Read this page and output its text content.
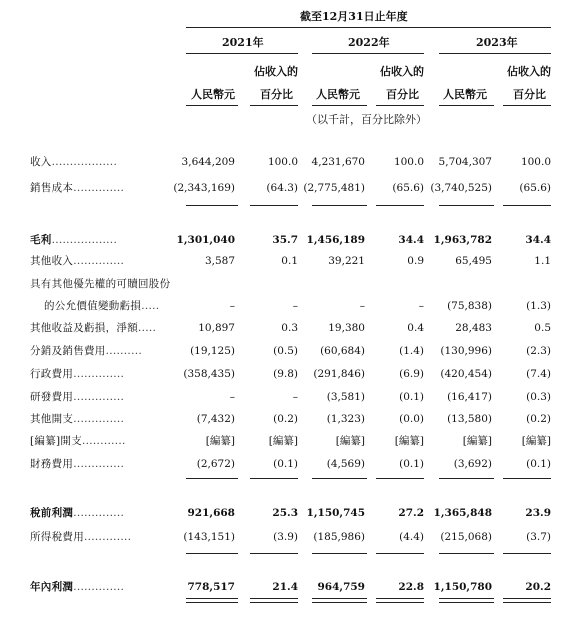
截至12月31日止年度
2021年	2022年	2023年
佔收入的	佔收入的	佔收入的
人民幣元 百分比 人民幣元 百分比 人民幣元 百分比
（以千計，百分比除外）
收入..................	3,644,209	100.0 4,231,670	100.0 5,704,307	100.0
銷售成本..............	(2,343,169)	(64.3) (2,775,481)	(65.6) (3,740,525)	(65.6)
毛利..................	1,301,040	35.7 1,456,189	34.4 1,963,782	34.4
其他收入..............	3,587	0.1	39,221	0.9	65,495	1.1
具有其他優先權的可贖回股份
的公允價值變動虧損.....	–	–	–	– (75,838)	(1.3)
其他收益及虧損，淨額.....	10,897	0.3	19,380	0.4	28,483	0.5
分銷及銷售費用..........	(19,125)	(0.5) (60,684)	(1.4) (130,996)	(2.3)
行政費用..............	(358,435)	(9.8) (291,846)	(6.9) (420,454)	(7.4)
研發費用..............	–	–	(3,581)	(0.1) (16,417)	(0.3)
其他開支..............	(7,432)	(0.2)	(1,323)	(0.0) (13,580)	(0.2)
[編纂]開支............	[編纂]	[編纂]	[編纂]	[編纂]	[編纂]	[編纂]
財務費用..............	(2,672)	(0.1)	(4,569)	(0.1)	(3,692)	(0.1)
稅前利潤..............	921,668	25.3 1,150,745	27.2 1,365,848	23.9
所得稅費用.............	(143,151)	(3.9) (185,986)	(4.4) (215,068)	(3.7)
年內利潤..............	778,517	21.4 964,759	22.8 1,150,780	20.2
